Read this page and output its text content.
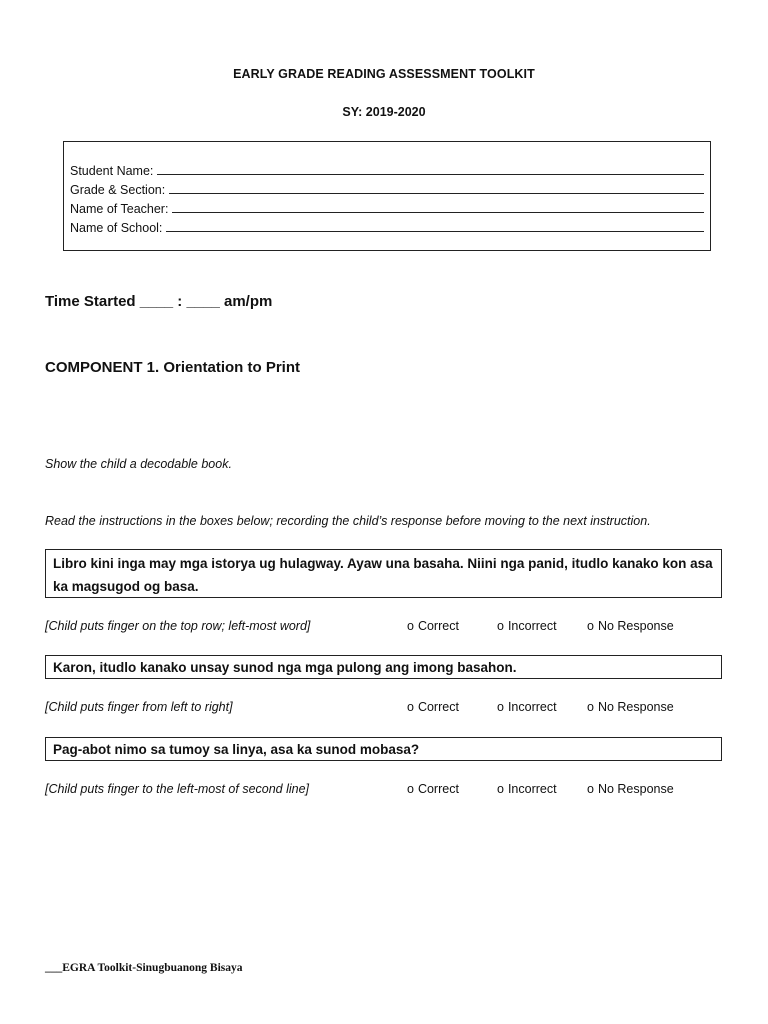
EARLY GRADE READING ASSESSMENT TOOLKIT
SY: 2019-2020
Student Name:
Grade & Section:
Name of Teacher:
Name of School:
Time Started ____ : ____ am/pm
COMPONENT 1. Orientation to Print
Show the child a decodable book.
Read the instructions in the boxes below; recording the child’s response before moving to the next instruction.
Libro kini inga may mga istorya ug hulagway. Ayaw una basaha. Niini nga panid, itudlo kanako kon asa ka magsugod og basa.
[Child puts finger on the top row; left-most word]	o Correct	o Incorrect o No Response
Karon, itudlo kanako unsay sunod nga mga pulong ang imong basahon.
[Child puts finger from left to right]	o Correct	o Incorrect o No Response
Pag-abot nimo sa tumoy sa linya, asa ka sunod mobasa?
[Child puts finger to the left-most of second line]	o Correct	o Incorrect o No Response
___EGRA Toolkit-Sinugbuanong Bisaya
